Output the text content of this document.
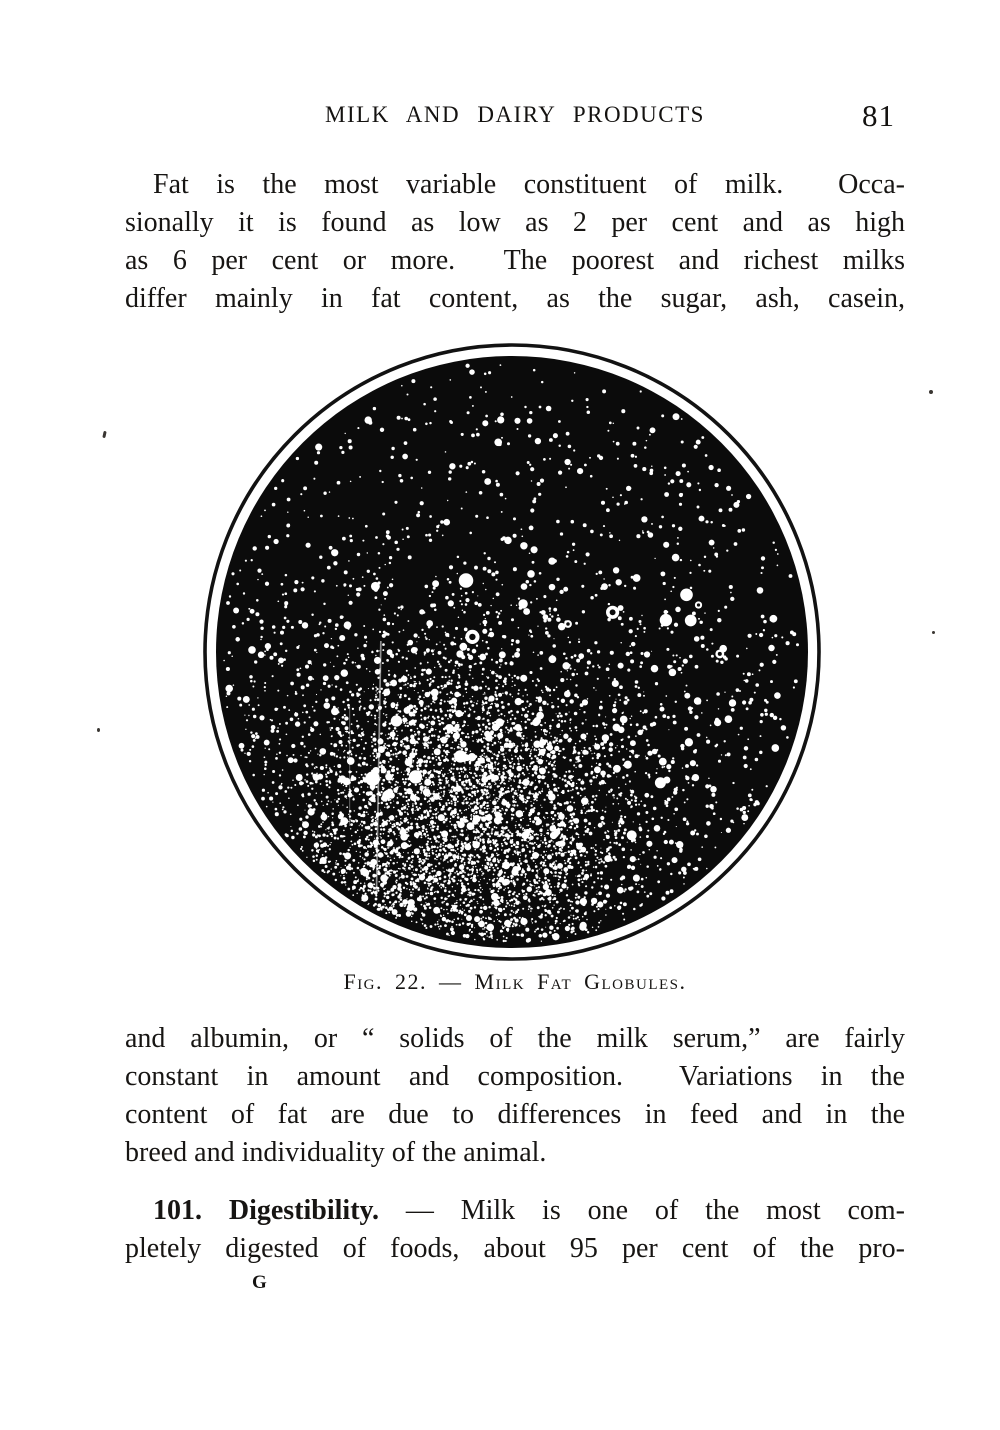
MILK AND DAIRY PRODUCTS	81
Fat is the most variable constituent of milk.  Occa-
sionally it is found as low as 2 per cent and as high
as 6 per cent or more.  The poorest and richest milks
differ mainly in fat content, as the sugar, ash, casein,
Fig. 22. — Milk Fat Globules.
and albumin, or “ solids of the milk serum,” are fairly
constant in amount and composition.  Variations in the
content of fat are due to differences in feed and in the
breed and individuality of the animal.
101. Digestibility. — Milk is one of the most com-
pletely digested of foods, about 95 per cent of the pro-
G
